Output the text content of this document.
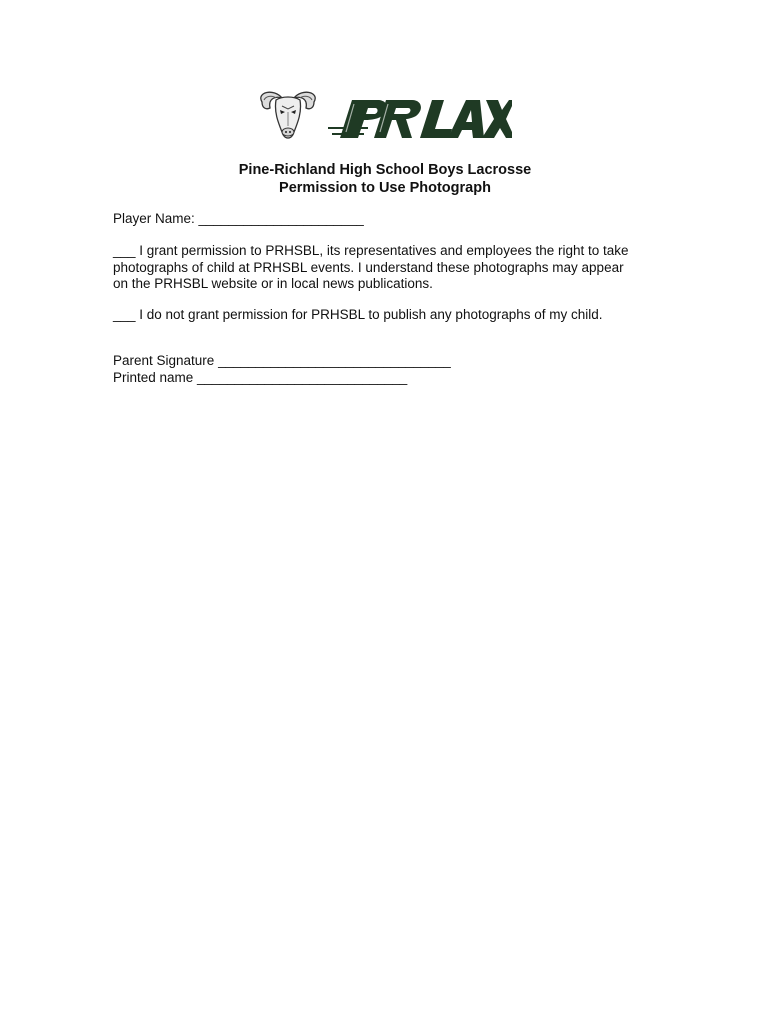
Pine-Richland High School Boys Lacrosse
Permission to Use Photograph
Player Name: ______________________
___ I grant permission to PRHSBL, its representatives and employees the right to take
photographs of child at PRHSBL events. I understand these photographs may appear
on the PRHSBL website or in local news publications.
___ I do not grant permission for PRHSBL to publish any photographs of my child.
Parent Signature _______________________________
Printed name ____________________________
